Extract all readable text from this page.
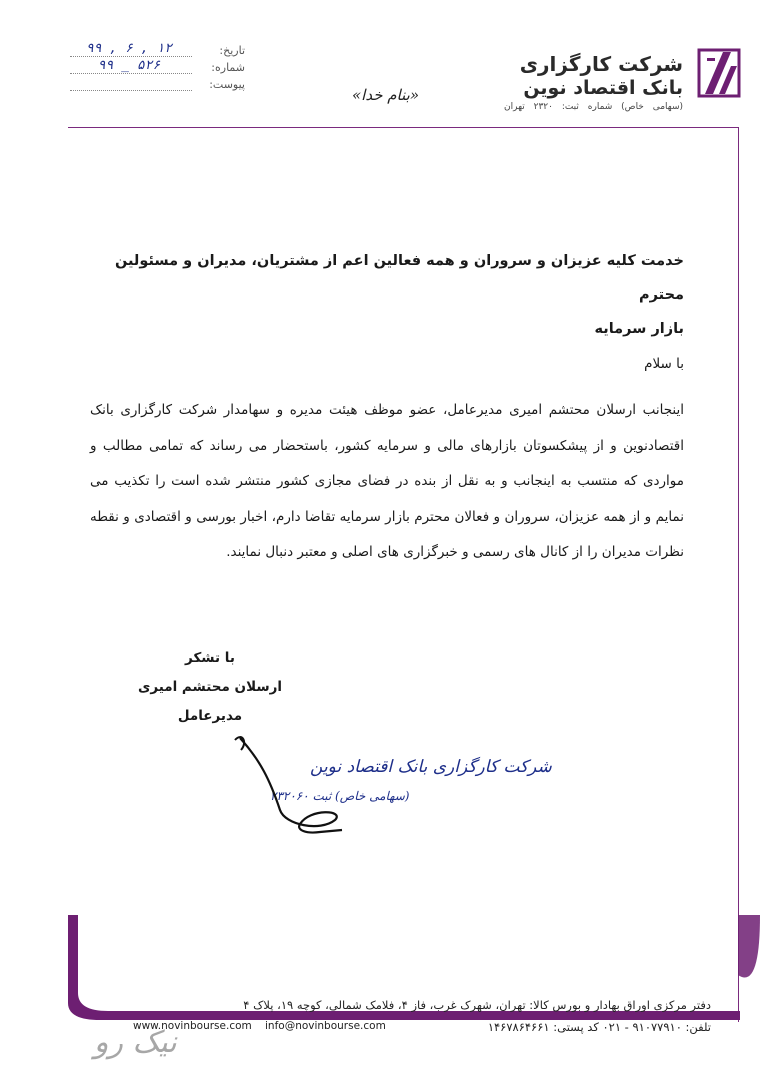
شرکت کارگزاری
بانک اقتصاد نوین
(سهامی خاص) شماره ثبت: ۲۳۲۰ تهران
«بنام خدا»
تاریخ:
۹۹ , ۶ , ۱۲
شماره:
۹۹ _ ۵۲۶
پیوست:
خدمت کلیه عزیزان و سروران و همه فعالین اعم از مشتریان، مدیران و مسئولین محترم
بازار سرمایه
با سلام
اینجانب ارسلان محتشم امیری مدیرعامل، عضو موظف هیئت مدیره و سهامدار شرکت کارگزاری بانک اقتصادنوین و از پیشکسوتان بازارهای مالی و سرمایه کشور، باستحضار می رساند که تمامی مطالب و مواردی که منتسب به اینجانب و به نقل از بنده در فضای مجازی کشور منتشر شده است را تکذیب می نمایم و از همه عزیزان، سروران و فعالان محترم بازار سرمایه تقاضا دارم، اخبار بورسی و اقتصادی و نقطه نظرات مدیران را از کانال های رسمی و خبرگزاری های اصلی و معتبر دنبال نمایند.
با تشکر
ارسلان محتشم امیری
مدیرعامل
شرکت کارگزاری بانک اقتصاد نوین
(سهامی خاص) ثبت ۲۳۲۰۶۰
دفتر مرکزی اوراق بهادار و بورس کالا: تهران، شهرک غرب، فاز ۴، فلامک شمالی، کوچه ۱۹، پلاک ۴
www.novinbourse.com info@novinbourse.com	تلفن: ۹۱۰۷۷۹۱۰ - ۰۲۱ کد پستی: ۱۴۶۷۸۶۴۶۶۱
نیک رو
